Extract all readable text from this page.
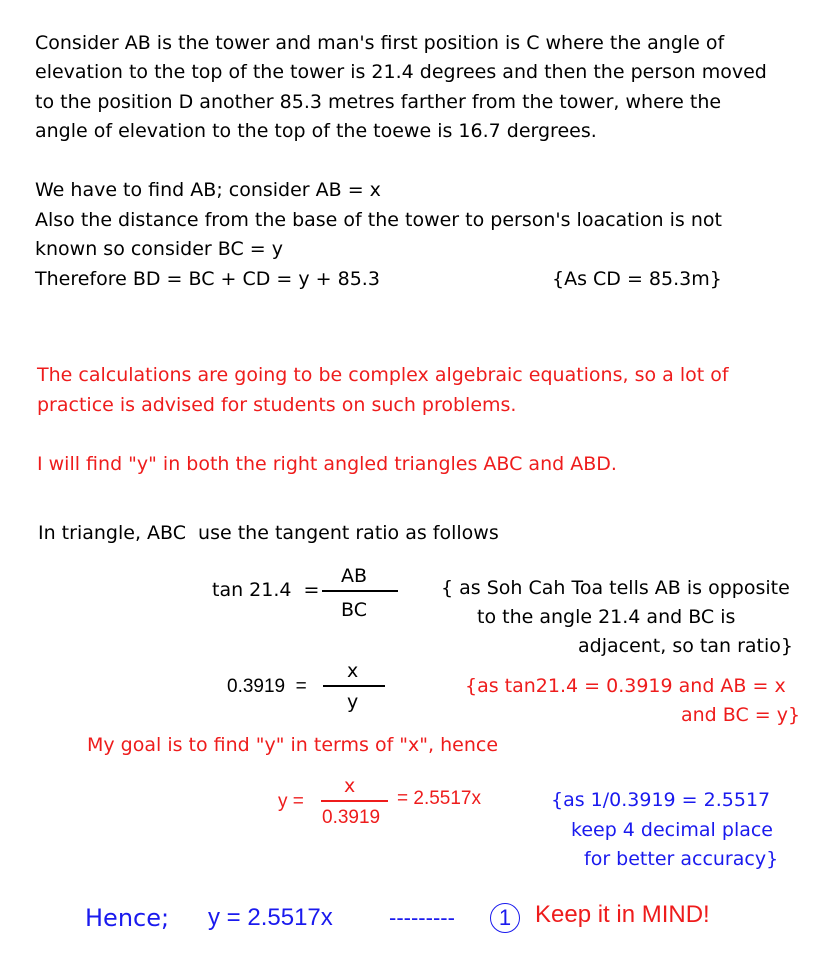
Consider AB is the tower and man's first position is C where the angle of
elevation to the top of the tower is 21.4 degrees and then the person moved
to the position D another 85.3 metres farther from the tower, where the
angle of elevation to the top of the toewe is 16.7 dergrees.
We have to find AB; consider AB = x
Also the distance from the base of the tower to person's loacation is not
known so consider BC = y
Therefore BD = BC + CD = y + 85.3	{As CD = 85.3m}
The calculations are going to be complex algebraic equations, so a lot of
practice is advised for students on such problems.
I will find "y" in both the right angled triangles ABC and ABD.
In triangle, ABC  use the tangent ratio as follows
tan 21.4  =
AB
BC
{ as Soh Cah Toa tells AB is opposite
to the angle 21.4 and BC is
adjacent, so tan ratio}
0.3919  =
x
y
{as tan21.4 = 0.3919 and AB = x
and BC = y}
My goal is to find "y" in terms of "x", hence
y =
x
0.3919
= 2.5517x	{as 1/0.3919 = 2.5517
keep 4 decimal place
for better accuracy}
Hence; y = 2.5517x	---------	1 Keep it in MIND!
